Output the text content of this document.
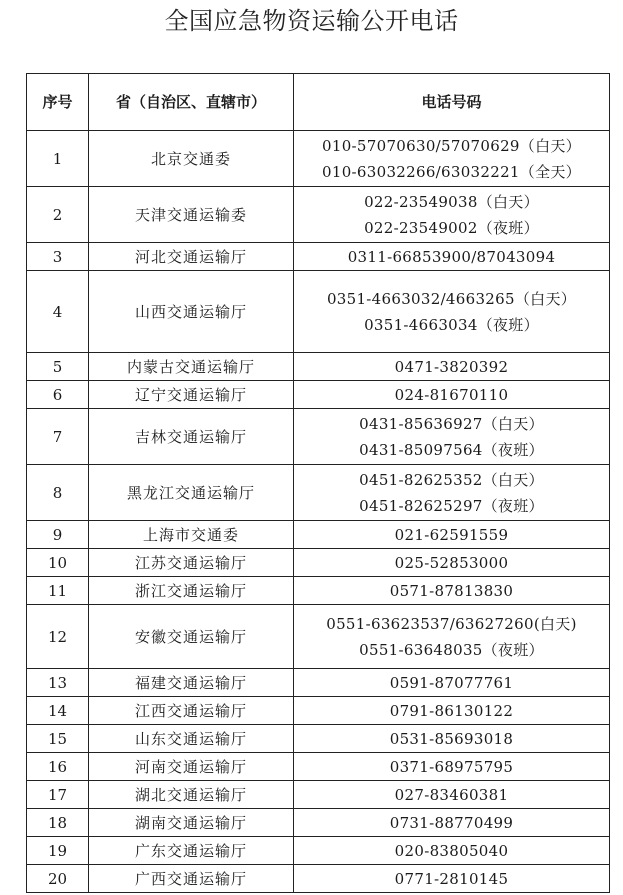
全国应急物资运输公开电话
序号	省（自治区、直辖市）	电话号码
1	北京交通委	010-57070630/57070629（白天）
010-63032266/63032221（全天）

2	天津交通运输委	022-23549038（白天）
022-23549002（夜班）

3	河北交通运输厅	0311-66853900/87043094

4	山西交通运输厅	0351-4663032/4663265（白天）
0351-4663034（夜班）

5	内蒙古交通运输厅	0471-3820392

6	辽宁交通运输厅	024-81670110

7	吉林交通运输厅	0431-85636927（白天）
0431-85097564（夜班）

8	黑龙江交通运输厅	0451-82625352（白天）
0451-82625297（夜班）

9	上海市交通委	021-62591559

10	江苏交通运输厅	025-52853000

11	浙江交通运输厅	0571-87813830

12	安徽交通运输厅	0551-63623537/63627260(白天)
0551-63648035（夜班）

13	福建交通运输厅	0591-87077761

14	江西交通运输厅	0791-86130122

15	山东交通运输厅	0531-85693018

16	河南交通运输厅	0371-68975795

17	湖北交通运输厅	027-83460381

18	湖南交通运输厅	0731-88770499

19	广东交通运输厅	020-83805040

20	广西交通运输厅	0771-2810145
